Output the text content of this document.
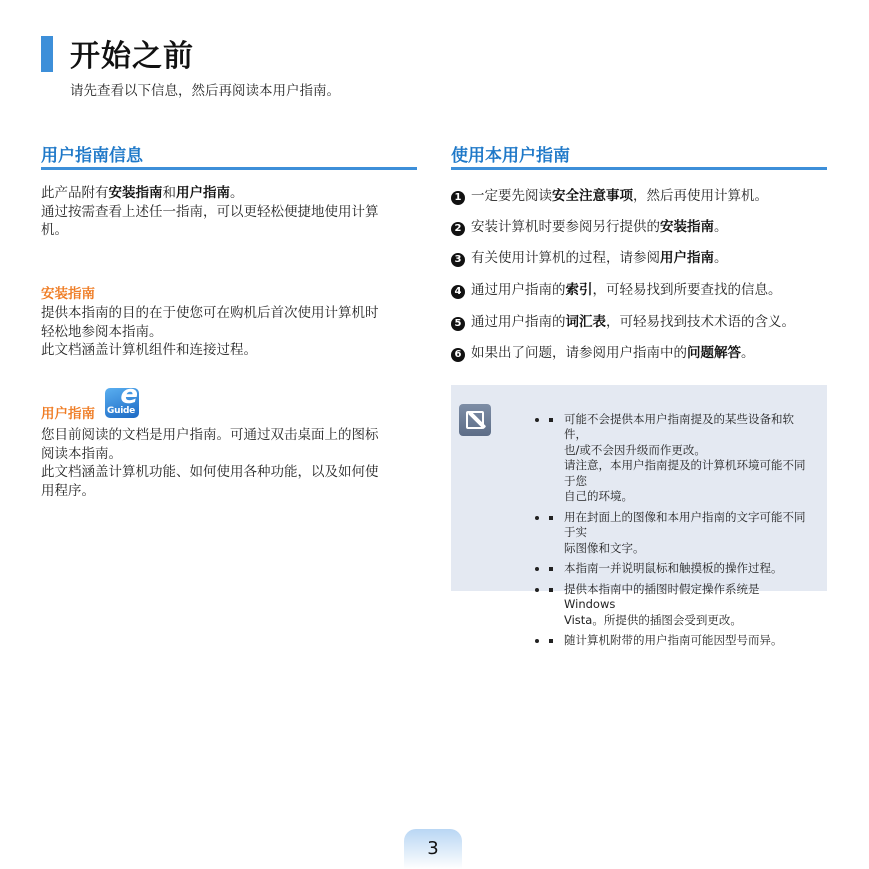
开始之前
请先查看以下信息，然后再阅读本用户指南。
用户指南信息
此产品附有安装指南和用户指南。
通过按需查看上述任一指南，可以更轻松便捷地使用计算
机。
安装指南
提供本指南的目的在于使您可在购机后首次使用计算机时
轻松地参阅本指南。
此文档涵盖计算机组件和连接过程。
用户指南
e
Guide
您目前阅读的文档是用户指南。可通过双击桌面上的图标
阅读本指南。
此文档涵盖计算机功能、如何使用各种功能，以及如何使
用程序。
使用本用户指南
1 一定要先阅读安全注意事项，然后再使用计算机。
2 安装计算机时要参阅另行提供的安装指南。
3 有关使用计算机的过程，请参阅用户指南。
4 通过用户指南的索引，可轻易找到所要查找的信息。
5 通过用户指南的词汇表，可轻易找到技术术语的含义。
6 如果出了问题，请参阅用户指南中的问题解答。
• 可能不会提供本用户指南提及的某些设备和软件，
也/或不会因升级而作更改。
请注意，本用户指南提及的计算机环境可能不同于您
自己的环境。
• 用在封面上的图像和本用户指南的文字可能不同于实
际图像和文字。
• 本指南一并说明鼠标和触摸板的操作过程。
• 提供本指南中的插图时假定操作系统是 Windows
Vista。所提供的插图会受到更改。
• 随计算机附带的用户指南可能因型号而异。
3
